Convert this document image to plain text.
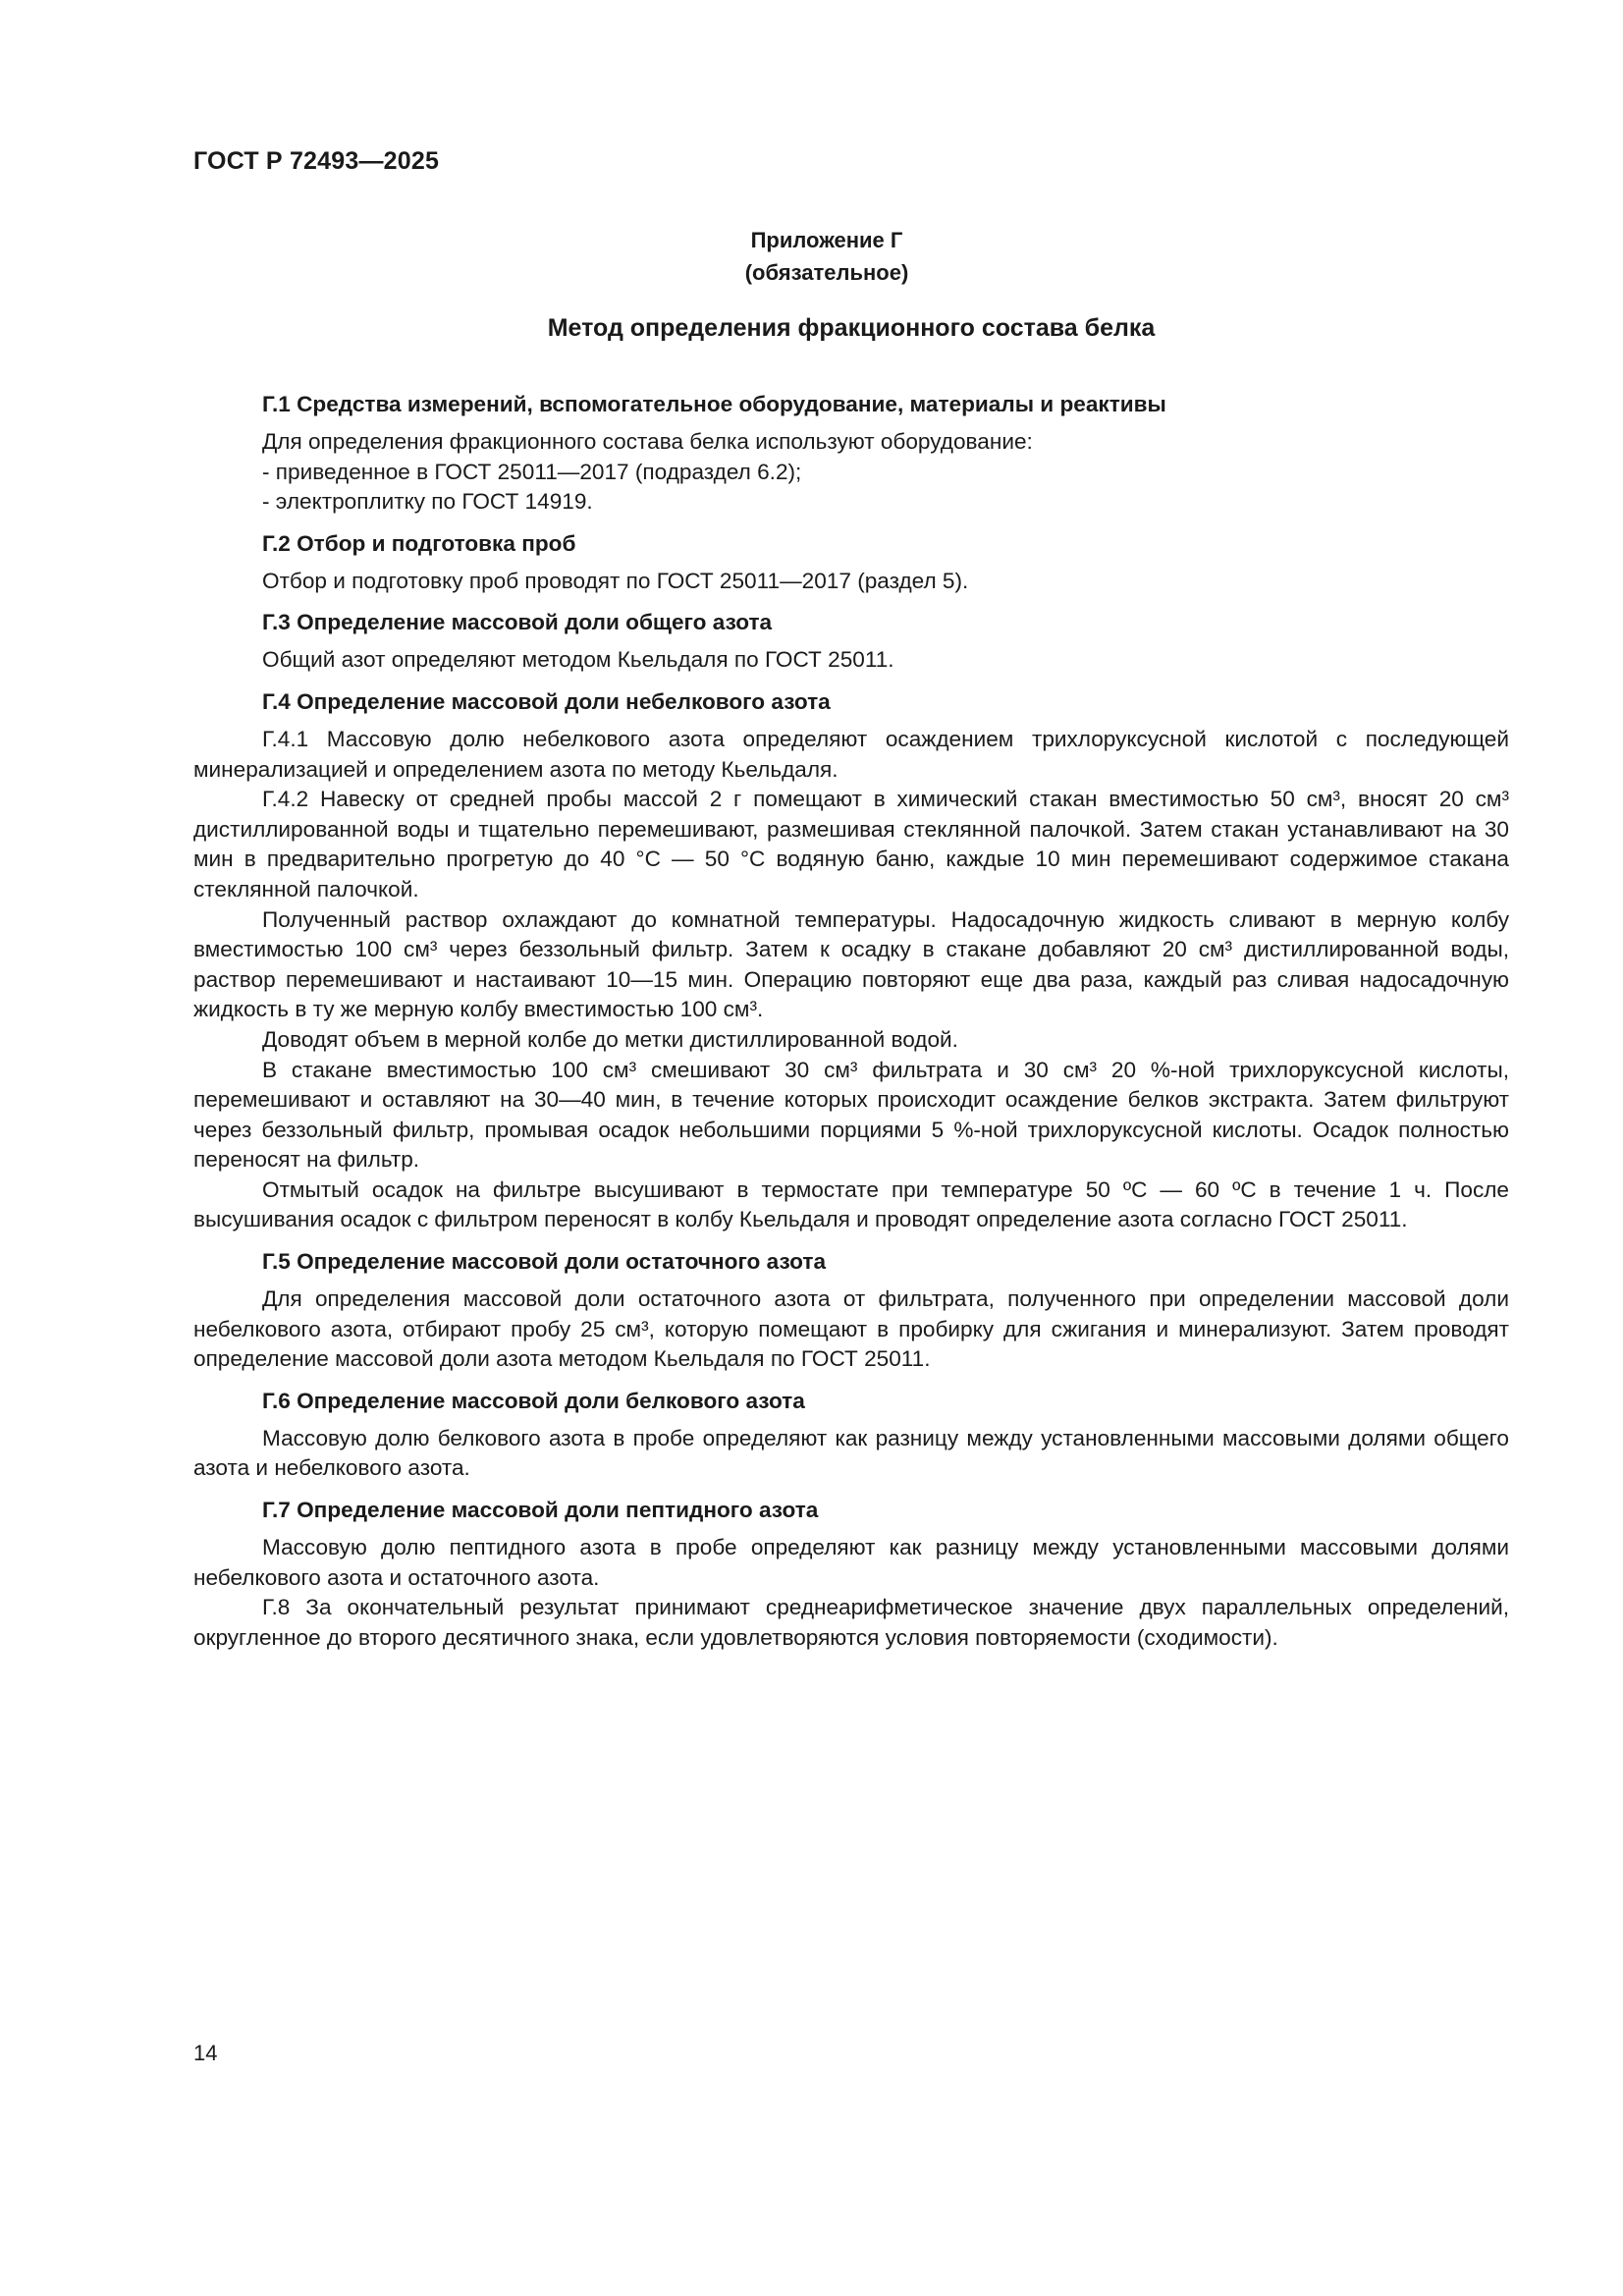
ГОСТ Р 72493—2025
Приложение Г
(обязательное)
Метод определения фракционного состава белка
Г.1 Средства измерений, вспомогательное оборудование, материалы и реактивы

Для определения фракционного состава белка используют оборудование:

- приведенное в ГОСТ 25011—2017 (подраздел 6.2);
- электроплитку по ГОСТ 14919.
Г.2 Отбор и подготовка проб

Отбор и подготовку проб проводят по ГОСТ 25011—2017 (раздел 5).

Г.3 Определение массовой доли общего азота

Общий азот определяют методом Кьельдаля по ГОСТ 25011.

Г.4 Определение массовой доли небелкового азота

Г.4.1 Массовую долю небелкового азота определяют осаждением трихлоруксусной кислотой с последующей минерализацией и определением азота по методу Кьельдаля.

Г.4.2 Навеску от средней пробы массой 2 г помещают в химический стакан вместимостью 50 см³, вносят 20 см³ дистиллированной воды и тщательно перемешивают, размешивая стеклянной палочкой. Затем стакан устанавливают на 30 мин в предварительно прогретую до 40 °С — 50 °С водяную баню, каждые 10 мин перемешивают содержимое стакана стеклянной палочкой.

Полученный раствор охлаждают до комнатной температуры. Надосадочную жидкость сливают в мерную колбу вместимостью 100 см³ через беззольный фильтр. Затем к осадку в стакане добавляют 20 см³ дистиллированной воды, раствор перемешивают и настаивают 10—15 мин. Операцию повторяют еще два раза, каждый раз сливая надосадочную жидкость в ту же мерную колбу вместимостью 100 см³.

Доводят объем в мерной колбе до метки дистиллированной водой.

В стакане вместимостью 100 см³ смешивают 30 см³ фильтрата и 30 см³ 20 %-ной трихлоруксусной кислоты, перемешивают и оставляют на 30—40 мин, в течение которых происходит осаждение белков экстракта. Затем фильтруют через беззольный фильтр, промывая осадок небольшими порциями 5 %-ной трихлоруксусной кислоты. Осадок полностью переносят на фильтр.

Отмытый осадок на фильтре высушивают в термостате при температуре 50 ºС — 60 ºС в течение 1 ч. После высушивания осадок с фильтром переносят в колбу Кьельдаля и проводят определение азота согласно ГОСТ 25011.

Г.5 Определение массовой доли остаточного азота

Для определения массовой доли остаточного азота от фильтрата, полученного при определении массовой доли небелкового азота, отбирают пробу 25 см³, которую помещают в пробирку для сжигания и минерализуют. Затем проводят определение массовой доли азота методом Кьельдаля по ГОСТ 25011.

Г.6 Определение массовой доли белкового азота

Массовую долю белкового азота в пробе определяют как разницу между установленными массовыми долями общего азота и небелкового азота.

Г.7 Определение массовой доли пептидного азота

Массовую долю пептидного азота в пробе определяют как разницу между установленными массовыми долями небелкового азота и остаточного азота.

Г.8 За окончательный результат принимают среднеарифметическое значение двух параллельных определений, округленное до второго десятичного знака, если удовлетворяются условия повторяемости (сходимости).

14
